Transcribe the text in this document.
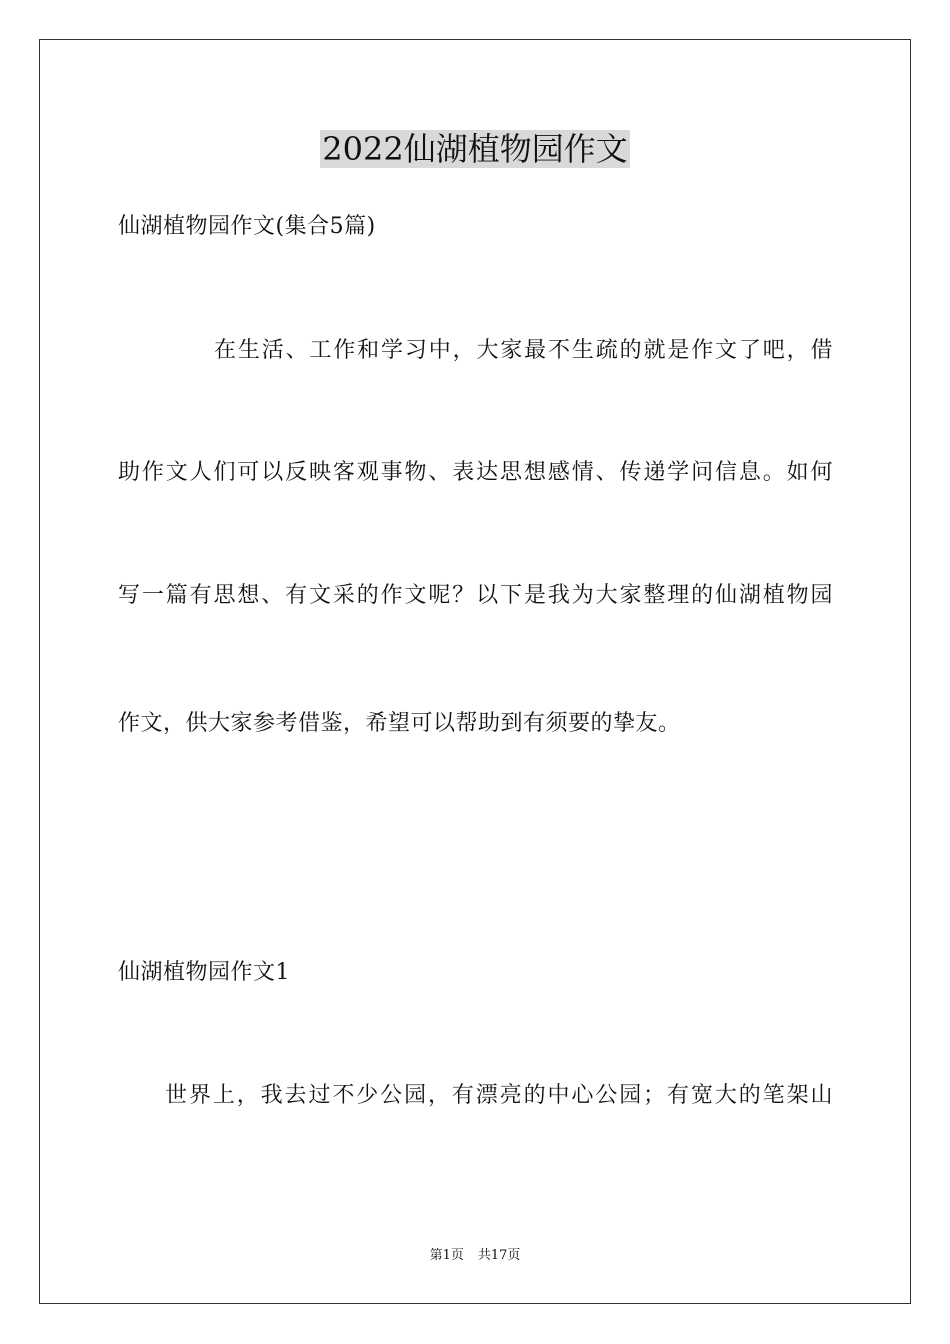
2022仙湖植物园作文
仙湖植物园作文(集合5篇)
在生活、工作和学习中，大家最不生疏的就是作文了吧，借
助作文人们可以反映客观事物、表达思想感情、传递学问信息。如何
写一篇有思想、有文采的作文呢？以下是我为大家整理的仙湖植物园
作文，供大家参考借鉴，希望可以帮助到有须要的挚友。
仙湖植物园作文1
世界上，我去过不少公园，有漂亮的中心公园；有宽大的笔架山
第1页 共17页
